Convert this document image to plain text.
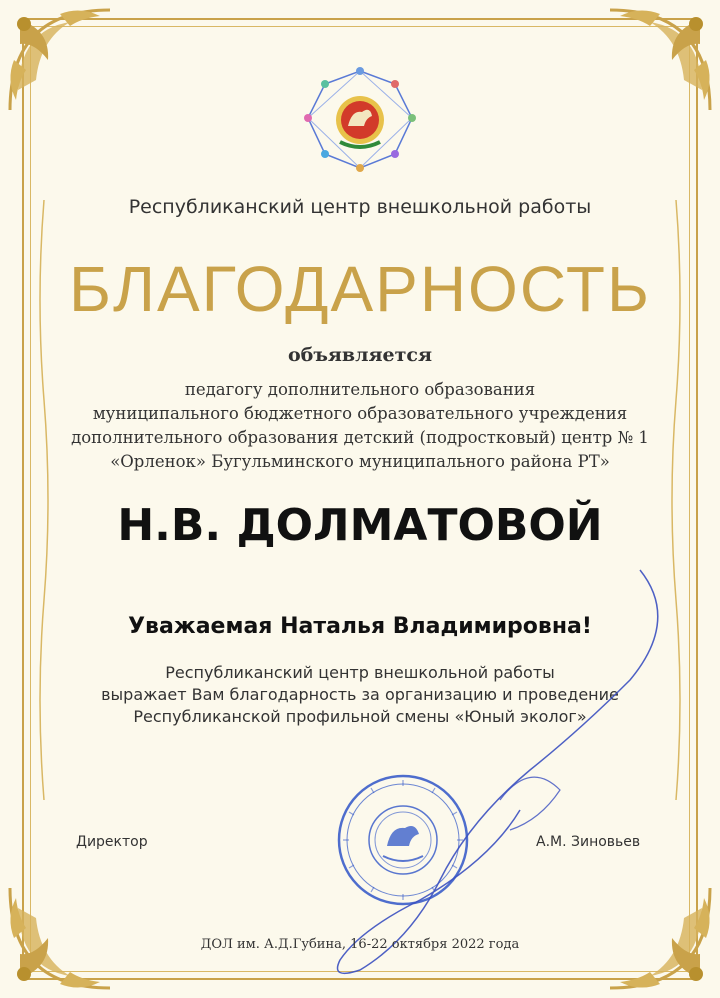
Республиканский центр внешкольной работы
БЛАГОДАРНОСТЬ
объявляется
педагогу дополнительного образования
муниципального бюджетного образовательного учреждения
дополнительного образования детский (подростковый) центр № 1
«Орленок» Бугульминского муниципального района РТ»
Н.В. ДОЛМАТОВОЙ
Уважаемая Наталья Владимировна!
Республиканский центр внешкольной работы
выражает Вам благодарность за организацию и проведение
Республиканской профильной смены «Юный эколог»
Директор	А.М. Зиновьев
ДОЛ им. А.Д.Губина, 16-22 октября 2022 года
